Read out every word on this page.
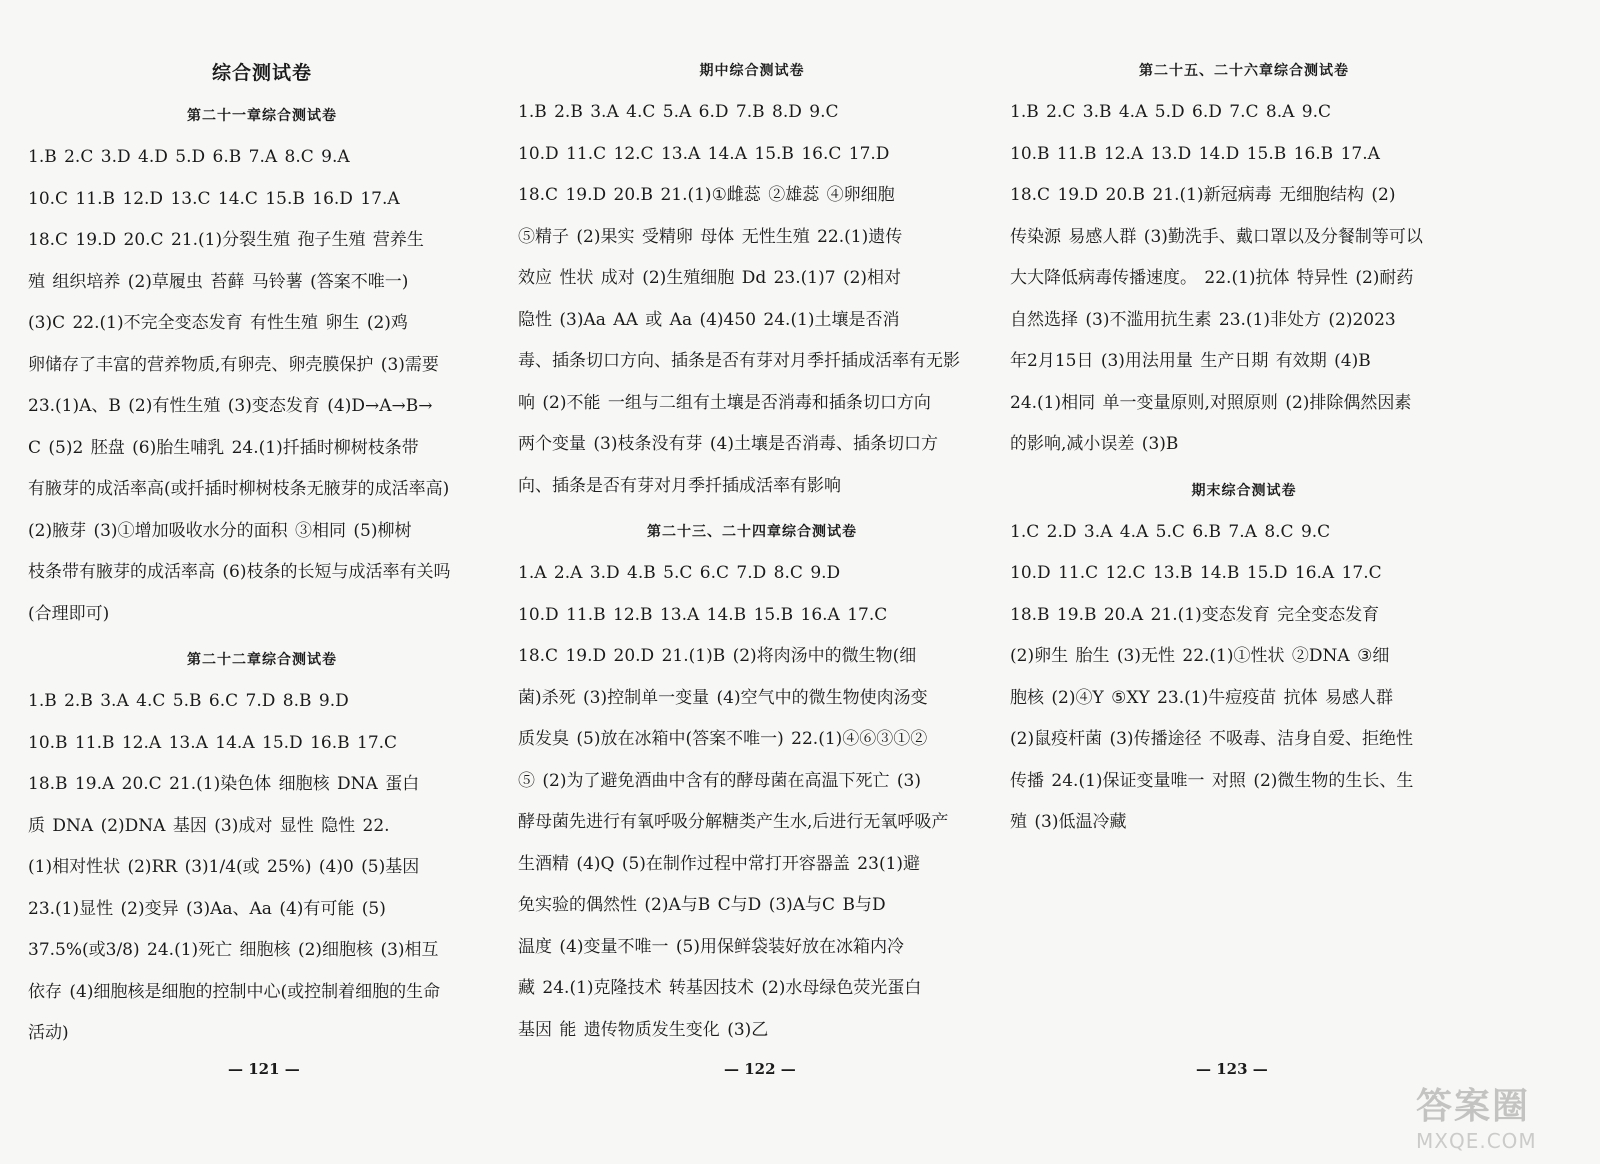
综合测试卷
第二十一章综合测试卷
1.B 2.C 3.D 4.D 5.D 6.B 7.A 8.C 9.A
10.C 11.B 12.D 13.C 14.C 15.B 16.D 17.A
18.C 19.D 20.C 21.(1)分裂生殖 孢子生殖 营养生
殖 组织培养 (2)草履虫 苔藓 马铃薯 (答案不唯一)
(3)C 22.(1)不完全变态发育 有性生殖 卵生 (2)鸡
卵储存了丰富的营养物质,有卵壳、卵壳膜保护 (3)需要
23.(1)A、B (2)有性生殖 (3)变态发育 (4)D→A→B→
C (5)2 胚盘 (6)胎生哺乳 24.(1)扦插时柳树枝条带
有腋芽的成活率高(或扦插时柳树枝条无腋芽的成活率高)
(2)腋芽 (3)①增加吸收水分的面积 ③相同 (5)柳树
枝条带有腋芽的成活率高 (6)枝条的长短与成活率有关吗
(合理即可)
第二十二章综合测试卷
1.B 2.B 3.A 4.C 5.B 6.C 7.D 8.B 9.D
10.B 11.B 12.A 13.A 14.A 15.D 16.B 17.C
18.B 19.A 20.C 21.(1)染色体 细胞核 DNA 蛋白
质 DNA (2)DNA 基因 (3)成对 显性 隐性 22.
(1)相对性状 (2)RR (3)1/4(或 25%) (4)0 (5)基因
23.(1)显性 (2)变异 (3)Aa、Aa (4)有可能 (5)
37.5%(或3/8) 24.(1)死亡 细胞核 (2)细胞核 (3)相互
依存 (4)细胞核是细胞的控制中心(或控制着细胞的生命
活动)
期中综合测试卷
1.B 2.B 3.A 4.C 5.A 6.D 7.B 8.D 9.C
10.D 11.C 12.C 13.A 14.A 15.B 16.C 17.D
18.C 19.D 20.B 21.(1)①雌蕊 ②雄蕊 ④卵细胞
⑤精子 (2)果实 受精卵 母体 无性生殖 22.(1)遗传
效应 性状 成对 (2)生殖细胞 Dd 23.(1)7 (2)相对
隐性 (3)Aa AA 或 Aa (4)450 24.(1)土壤是否消
毒、插条切口方向、插条是否有芽对月季扦插成活率有无影
响 (2)不能 一组与二组有土壤是否消毒和插条切口方向
两个变量 (3)枝条没有芽 (4)土壤是否消毒、插条切口方
向、插条是否有芽对月季扦插成活率有影响
第二十三、二十四章综合测试卷
1.A 2.A 3.D 4.B 5.C 6.C 7.D 8.C 9.D
10.D 11.B 12.B 13.A 14.B 15.B 16.A 17.C
18.C 19.D 20.D 21.(1)B (2)将肉汤中的微生物(细
菌)杀死 (3)控制单一变量 (4)空气中的微生物使肉汤变
质发臭 (5)放在冰箱中(答案不唯一) 22.(1)④⑥③①②
⑤ (2)为了避免酒曲中含有的酵母菌在高温下死亡 (3)
酵母菌先进行有氧呼吸分解糖类产生水,后进行无氧呼吸产
生酒精 (4)Q (5)在制作过程中常打开容器盖 23(1)避
免实验的偶然性 (2)A与B C与D (3)A与C B与D
温度 (4)变量不唯一 (5)用保鲜袋装好放在冰箱内冷
藏 24.(1)克隆技术 转基因技术 (2)水母绿色荧光蛋白
基因 能 遗传物质发生变化 (3)乙
第二十五、二十六章综合测试卷
1.B 2.C 3.B 4.A 5.D 6.D 7.C 8.A 9.C
10.B 11.B 12.A 13.D 14.D 15.B 16.B 17.A
18.C 19.D 20.B 21.(1)新冠病毒 无细胞结构 (2)
传染源 易感人群 (3)勤洗手、戴口罩以及分餐制等可以
大大降低病毒传播速度。 22.(1)抗体 特异性 (2)耐药
自然选择 (3)不滥用抗生素 23.(1)非处方 (2)2023
年2月15日 (3)用法用量 生产日期 有效期 (4)B
24.(1)相同 单一变量原则,对照原则 (2)排除偶然因素
的影响,减小误差 (3)B
期末综合测试卷
1.C 2.D 3.A 4.A 5.C 6.B 7.A 8.C 9.C
10.D 11.C 12.C 13.B 14.B 15.D 16.A 17.C
18.B 19.B 20.A 21.(1)变态发育 完全变态发育
(2)卵生 胎生 (3)无性 22.(1)①性状 ②DNA ③细
胞核 (2)④Y ⑤XY 23.(1)牛痘疫苗 抗体 易感人群
(2)鼠疫杆菌 (3)传播途径 不吸毒、洁身自爱、拒绝性
传播 24.(1)保证变量唯一 对照 (2)微生物的生长、生
殖 (3)低温冷藏
— 121 —	— 122 —	— 123 —
答案圈
MXQE.COM
